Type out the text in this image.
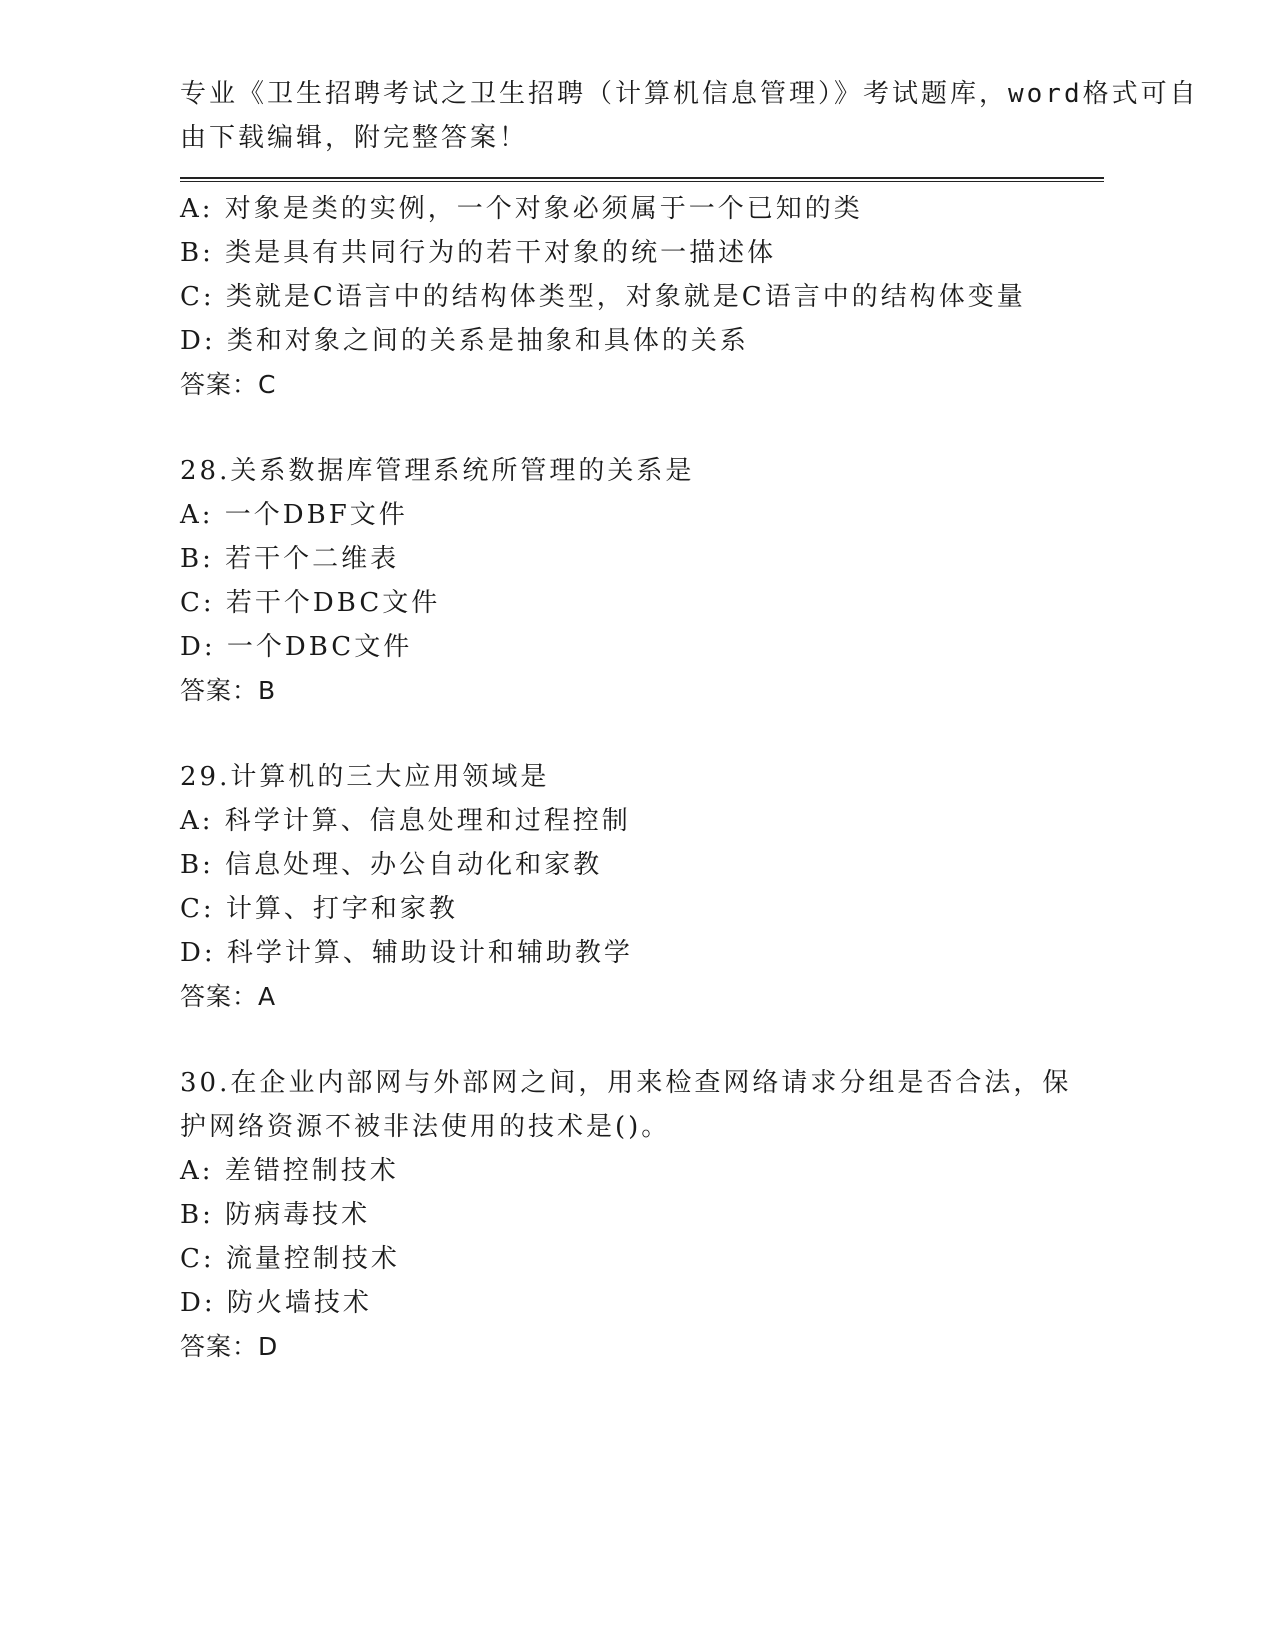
专业《卫生招聘考试之卫生招聘（计算机信息管理）》考试题库，word格式可自
由下载编辑，附完整答案！
A: 对象是类的实例，一个对象必须属于一个已知的类
B: 类是具有共同行为的若干对象的统一描述体
C: 类就是C语言中的结构体类型，对象就是C语言中的结构体变量
D: 类和对象之间的关系是抽象和具体的关系
答案：C
28.关系数据库管理系统所管理的关系是
A: 一个DBF文件
B: 若干个二维表
C: 若干个DBC文件
D: 一个DBC文件
答案：B
29.计算机的三大应用领域是
A: 科学计算、信息处理和过程控制
B: 信息处理、办公自动化和家教
C: 计算、打字和家教
D: 科学计算、辅助设计和辅助教学
答案：A
30.在企业内部网与外部网之间，用来检查网络请求分组是否合法，保
护网络资源不被非法使用的技术是()。
A: 差错控制技术
B: 防病毒技术
C: 流量控制技术
D: 防火墙技术
答案：D
